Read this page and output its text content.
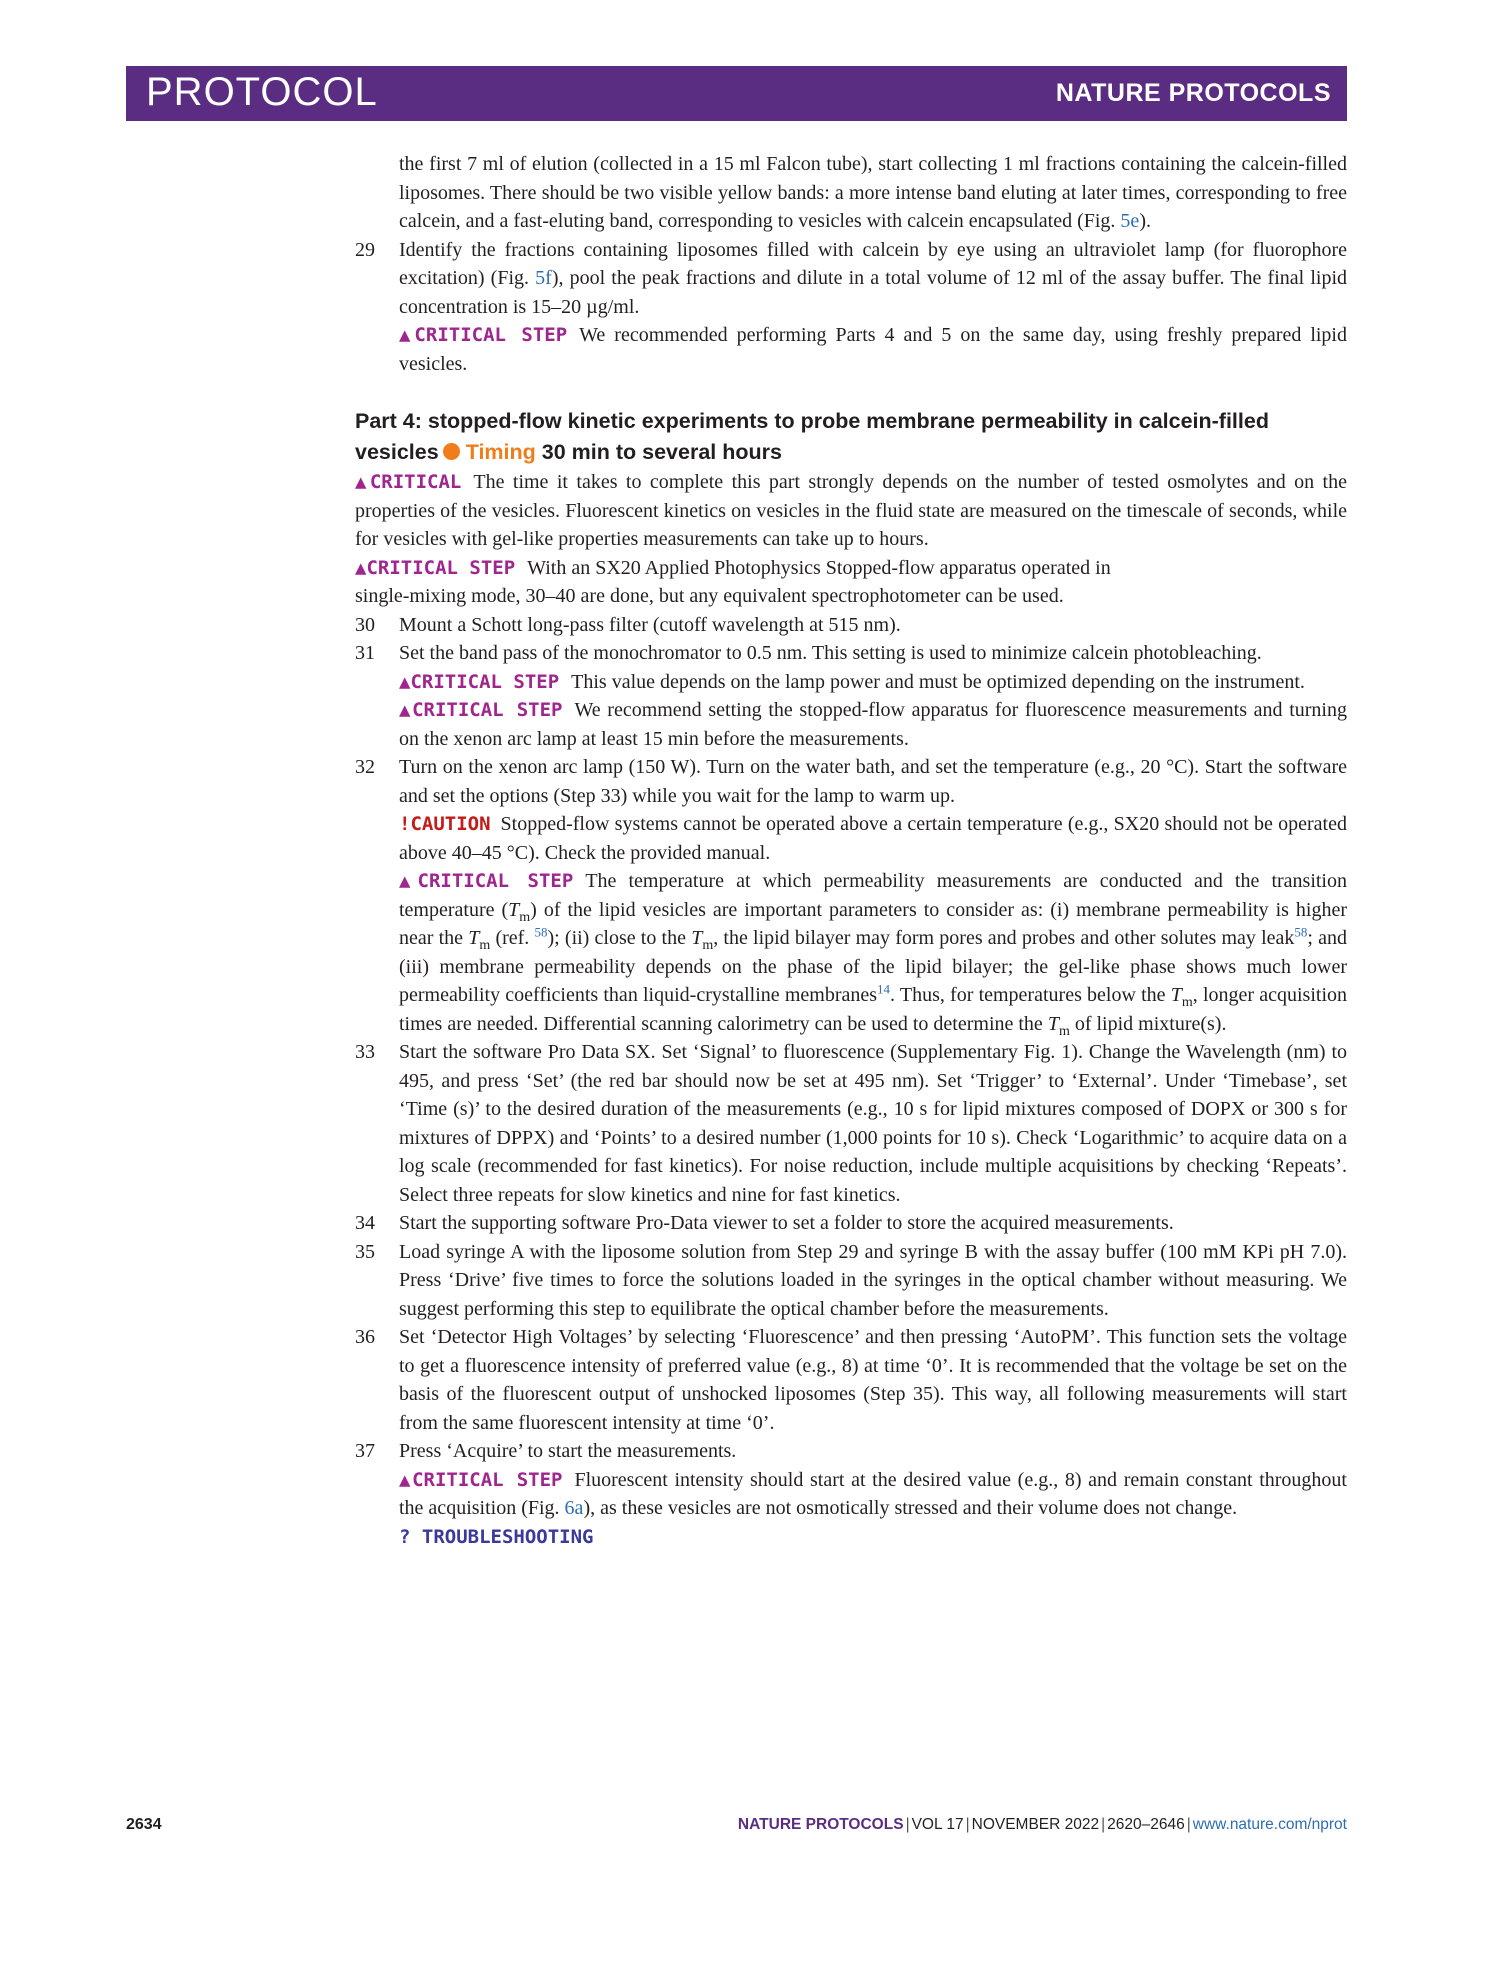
PROTOCOL	NATURE PROTOCOLS

the first 7 ml of elution (collected in a 15 ml Falcon tube), start collecting 1 ml fractions containing the calcein-filled liposomes. There should be two visible yellow bands: a more intense band eluting at later times, corresponding to free calcein, and a fast-eluting band, corresponding to vesicles with calcein encapsulated (Fig. 5e).

29 Identify the fractions containing liposomes filled with calcein by eye using an ultraviolet lamp (for fluorophore excitation) (Fig. 5f), pool the peak fractions and dilute in a total volume of 12 ml of the assay buffer. The final lipid concentration is 15–20 µg/ml.

▲CRITICAL STEP We recommended performing Parts 4 and 5 on the same day, using freshly prepared lipid vesicles.

Part 4: stopped-flow kinetic experiments to probe membrane permeability in calcein-filled vesicles Timing 30 min to several hours

▲CRITICAL The time it takes to complete this part strongly depends on the number of tested osmolytes and on the properties of the vesicles. Fluorescent kinetics on vesicles in the fluid state are measured on the timescale of seconds, while for vesicles with gel-like properties measurements can take up to hours.

▲CRITICAL STEP With an SX20 Applied Photophysics Stopped-flow apparatus operated in
single-mixing mode, 30–40 are done, but any equivalent spectrophotometer can be used.

30 Mount a Schott long-pass filter (cutoff wavelength at 515 nm).

31 Set the band pass of the monochromator to 0.5 nm. This setting is used to minimize calcein photobleaching.

▲CRITICAL STEP This value depends on the lamp power and must be optimized depending on the instrument.

▲CRITICAL STEP We recommend setting the stopped-flow apparatus for fluorescence measurements and turning on the xenon arc lamp at least 15 min before the measurements.

32 Turn on the xenon arc lamp (150 W). Turn on the water bath, and set the temperature (e.g., 20 °C). Start the software and set the options (Step 33) while you wait for the lamp to warm up.

!CAUTION Stopped-flow systems cannot be operated above a certain temperature (e.g., SX20 should not be operated above 40–45 °C). Check the provided manual.

▲CRITICAL STEP The temperature at which permeability measurements are conducted and the transition temperature $(T_m)$ of the lipid vesicles are important parameters to consider as: (i) membrane permeability is higher near the $T_m$ (ref. $^{58}$); (ii) close to the $T_m$, the lipid bilayer may form pores and probes and other solutes may leak$^{58}$; and (iii) membrane permeability depends on the phase of the lipid bilayer; the gel-like phase shows much lower permeability coefficients than liquid-crystalline membranes$^{14}$. Thus, for temperatures below the $T_m$, longer acquisition times are needed. Differential scanning calorimetry can be used to determine the $T_m$ of lipid mixture(s).

33 Start the software Pro Data SX. Set ‘Signal’ to fluorescence (Supplementary Fig. 1). Change the Wavelength (nm) to 495, and press ‘Set’ (the red bar should now be set at 495 nm). Set ‘Trigger’ to ‘External’. Under ‘Timebase’, set ‘Time (s)’ to the desired duration of the measurements (e.g., 10 s for lipid mixtures composed of DOPX or 300 s for mixtures of DPPX) and ‘Points’ to a desired number (1,000 points for 10 s). Check ‘Logarithmic’ to acquire data on a log scale (recommended for fast kinetics). For noise reduction, include multiple acquisitions by checking ‘Repeats’. Select three repeats for slow kinetics and nine for fast kinetics.

34 Start the supporting software Pro-Data viewer to set a folder to store the acquired measurements.

35 Load syringe A with the liposome solution from Step 29 and syringe B with the assay buffer (100 mM KPi pH 7.0). Press ‘Drive’ five times to force the solutions loaded in the syringes in the optical chamber without measuring. We suggest performing this step to equilibrate the optical chamber before the measurements.

36 Set ‘Detector High Voltages’ by selecting ‘Fluorescence’ and then pressing ‘AutoPM’. This function sets the voltage to get a fluorescence intensity of preferred value (e.g., 8) at time ‘0’. It is recommended that the voltage be set on the basis of the fluorescent output of unshocked liposomes (Step 35). This way, all following measurements will start from the same fluorescent intensity at time ‘0’.

37 Press ‘Acquire’ to start the measurements.

▲CRITICAL STEP Fluorescent intensity should start at the desired value (e.g., 8) and remain constant throughout the acquisition (Fig. 6a), as these vesicles are not osmotically stressed and their volume does not change.

? TROUBLESHOOTING

2634	NATURE PROTOCOLS | VOL 17 | NOVEMBER 2022 | 2620–2646 | www.nature.com/nprot
